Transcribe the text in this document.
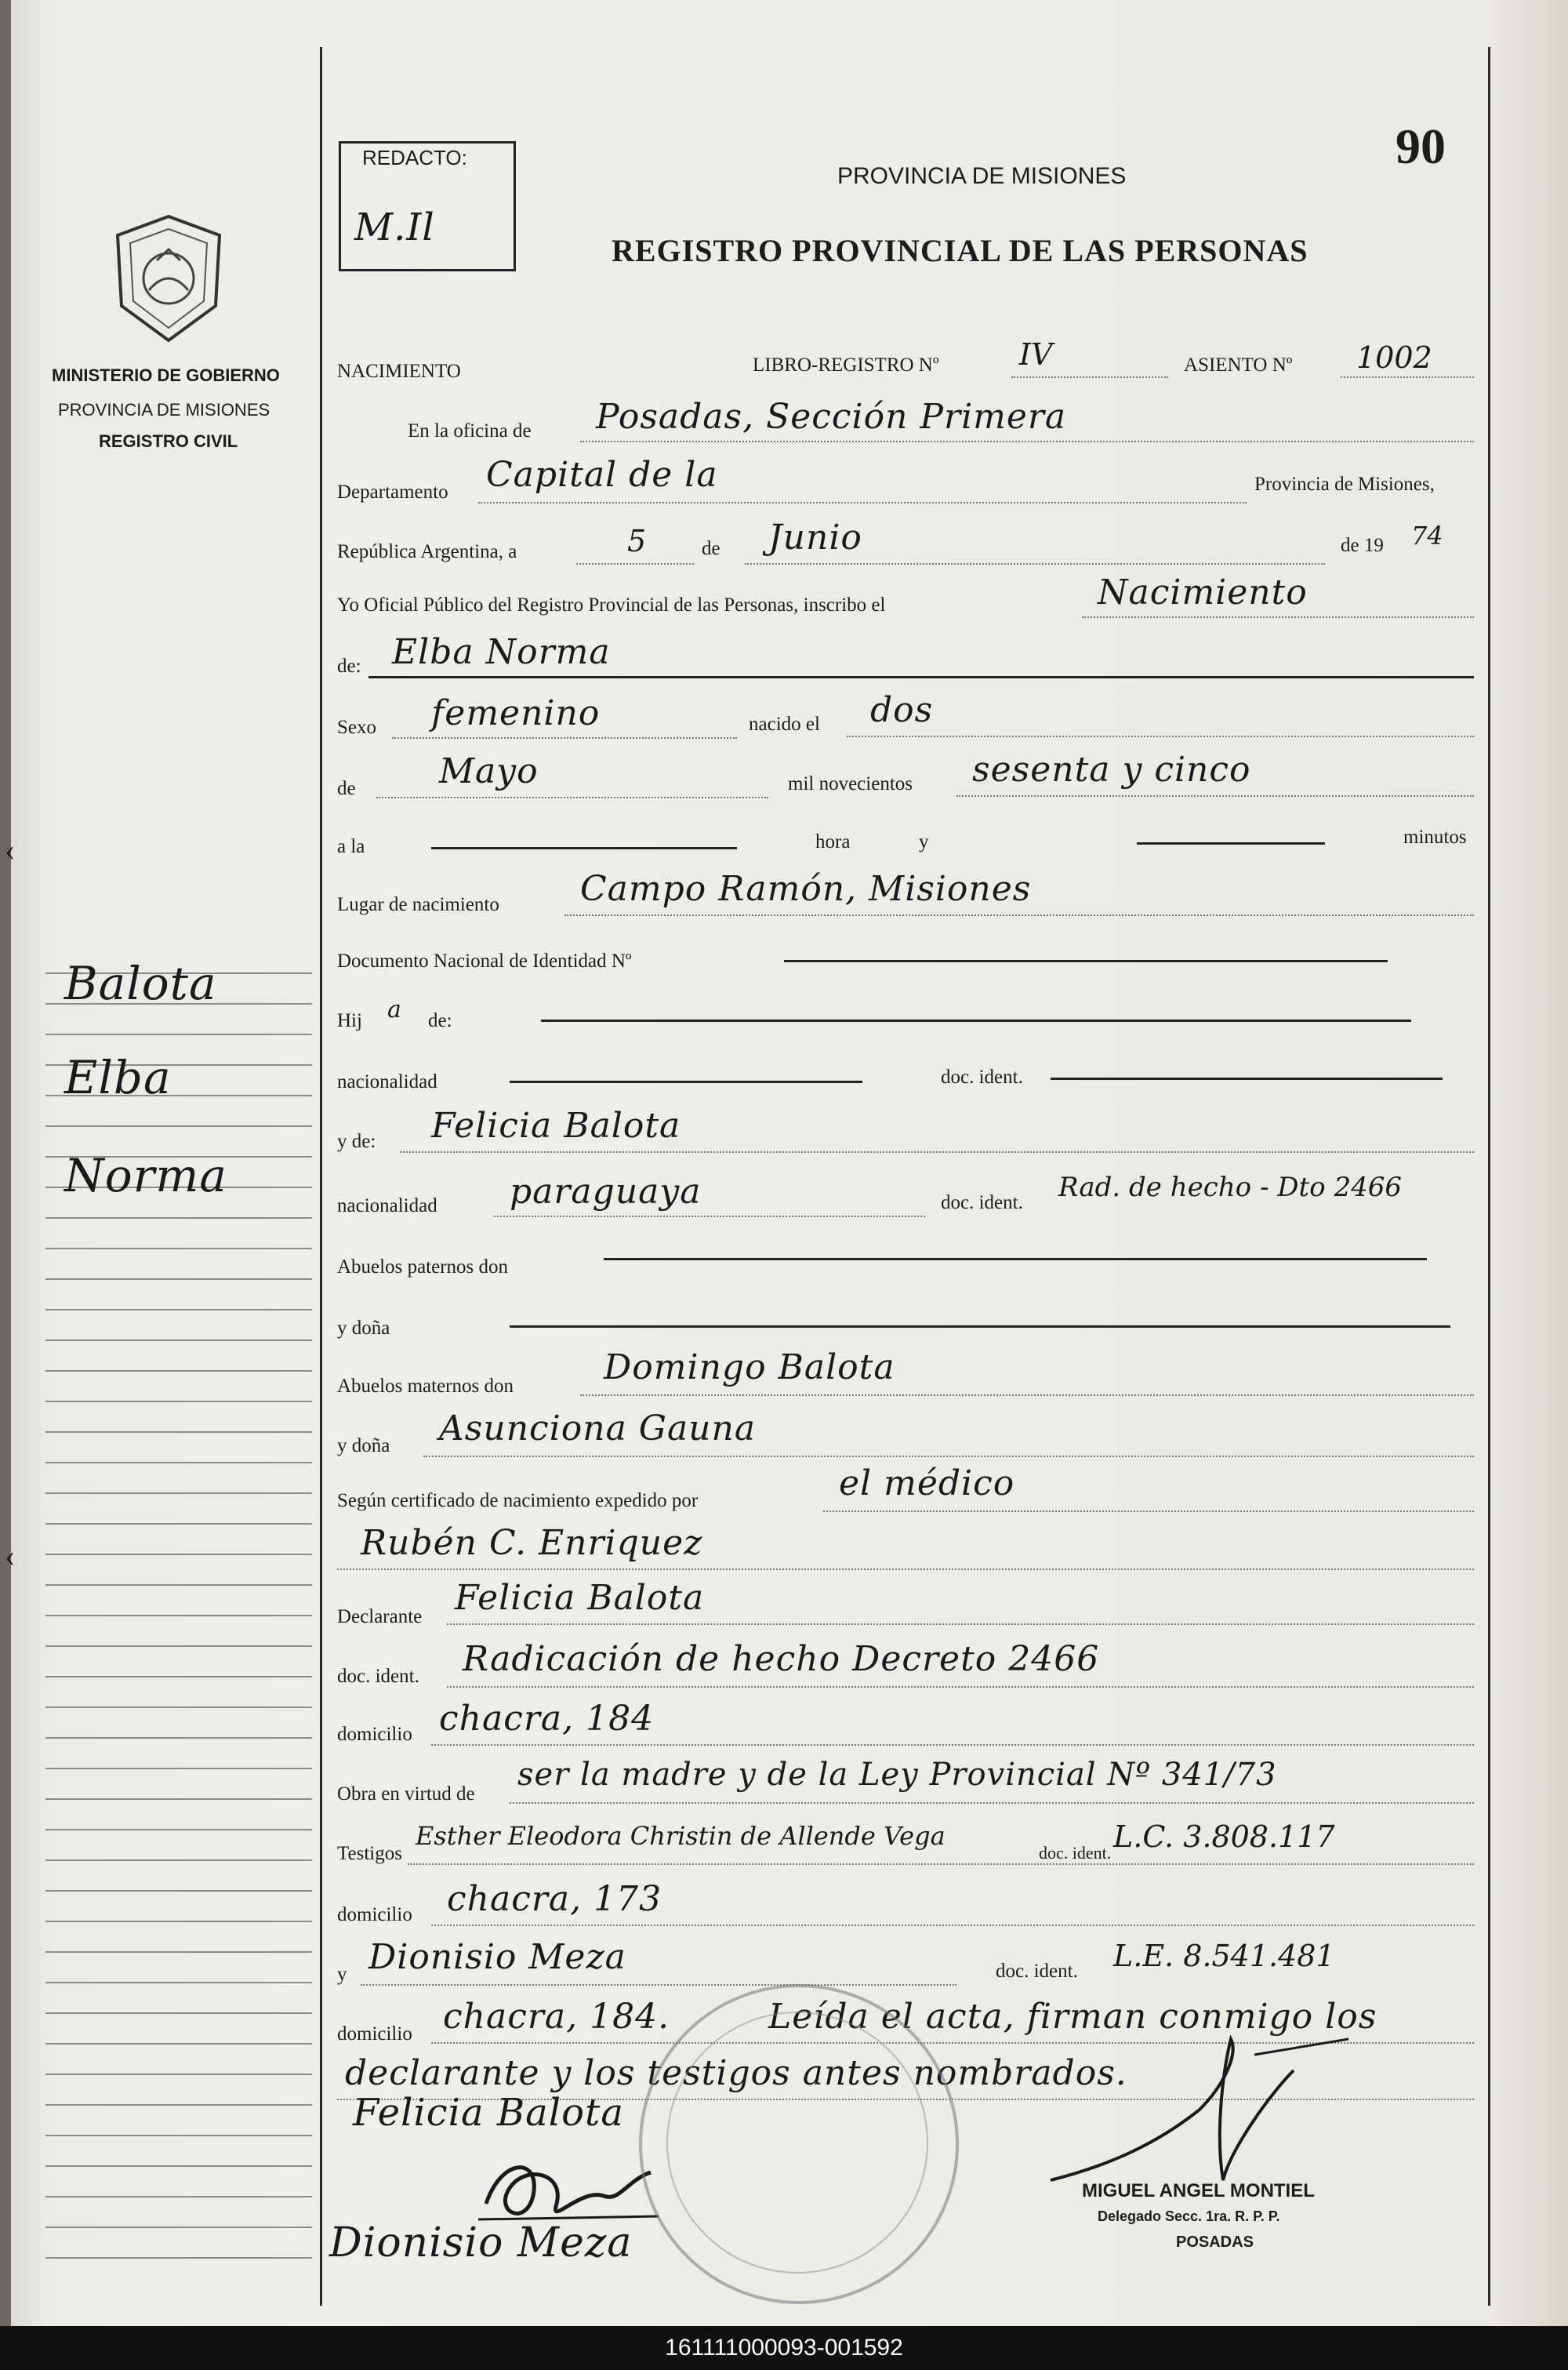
90
REDACTO:
M.Il
PROVINCIA DE MISIONES
REGISTRO PROVINCIAL DE LAS PERSONAS
MINISTERIO DE GOBIERNO
PROVINCIA DE MISIONES
REGISTRO CIVIL
Balota
Elba
Norma
‹
‹
NACIMIENTO	LIBRO-REGISTRO Nº	IV	ASIENTO Nº 1002
En la oficina de Posadas, Sección Primera
Departamento Capital de la	Provincia de Misiones,
República Argentina, a	5	de Junio	de 19 74
Yo Oficial Público del Registro Provincial de las Personas, inscribo el	Nacimiento
de: Elba Norma
Sexo femenino	nacido el dos
de Mayo	mil novecientos sesenta y cinco
a la	hora	y	minutos
Lugar de nacimiento Campo Ramón, Misiones
Documento Nacional de Identidad Nº
Hij a de:
nacionalidad	doc. ident.
y de: Felicia Balota
nacionalidad paraguaya	doc. ident. Rad. de hecho - Dto 2466
Abuelos paternos don
y doña
Abuelos maternos don	Domingo Balota
y doña Asunciona Gauna
Según certificado de nacimiento expedido por	el médico
Rubén C. Enriquez
Declarante Felicia Balota
doc. ident. Radicación de hecho Decreto 2466
domicilio chacra, 184
Obra en virtud de
ser la madre y de la Ley Provincial Nº 341/73
Testigos
Esther Eleodora Christin de Allende Vega
doc. ident. L.C. 3.808.117
domicilio chacra, 173
y Dionisio Meza	doc. ident. L.E. 8.541.481
domicilio chacra, 184.	Leída el acta, firman conmigo los
declarante y los testigos antes nombrados.
Felicia Balota
Dionisio Meza
MIGUEL ANGEL MONTIEL
Delegado Secc. 1ra. R. P. P.
POSADAS
161111000093-001592
